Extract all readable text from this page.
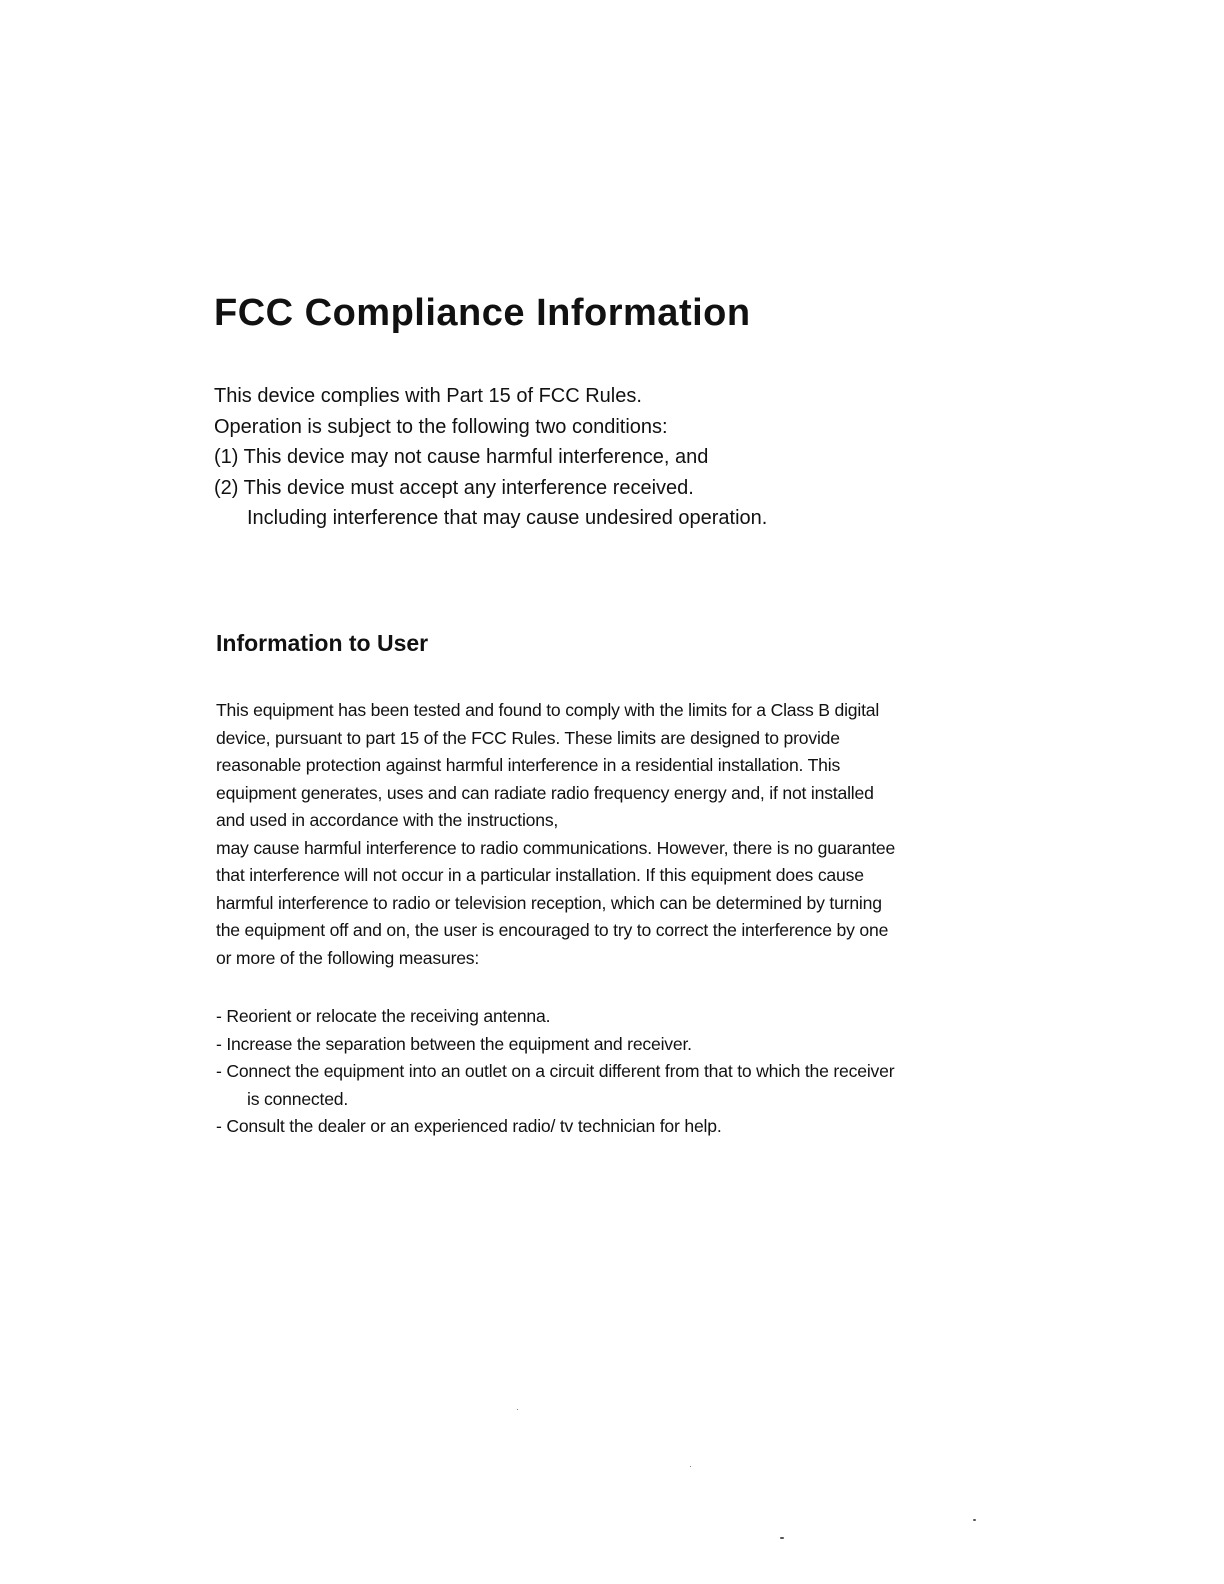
FCC Compliance Information
This device complies with Part 15 of FCC Rules.
Operation is subject to the following two conditions:
(1) This device may not cause harmful interference, and
(2) This device must accept any interference received.
Including interference that may cause undesired operation.
Information to User
This equipment has been tested and found to comply with the limits for a Class B digital
device, pursuant to part 15 of the FCC Rules. These limits are designed to provide
reasonable protection against harmful interference in a residential installation. This
equipment generates, uses and can radiate radio frequency energy and, if not installed
and used in accordance with the instructions,
may cause harmful interference to radio communications. However, there is no guarantee
that interference will not occur in a particular installation. If this equipment does cause
harmful interference to radio or television reception, which can be determined by turning
the equipment off and on, the user is encouraged to try to correct the interference by one
or more of the following measures:
- Reorient or relocate the receiving antenna.
- Increase the separation between the equipment and receiver.
- Connect the equipment into an outlet on a circuit different from that to which the receiver
is connected.
- Consult the dealer or an experienced radio/ tv technician for help.
